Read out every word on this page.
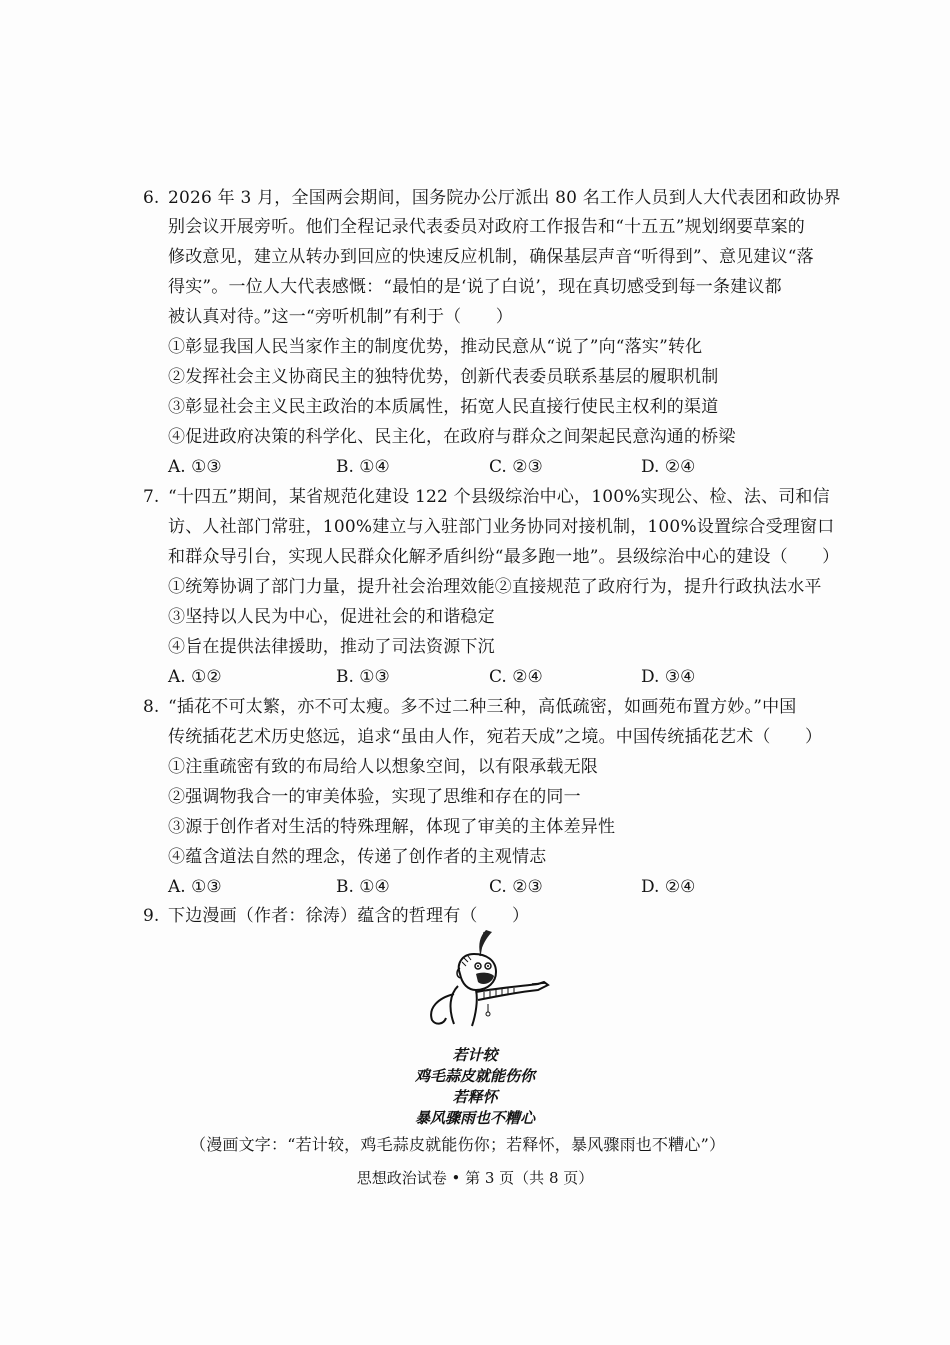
6. 2026 年 3 月，全国两会期间，国务院办公厅派出 80 名工作人员到人大代表团和政协界
别会议开展旁听。他们全程记录代表委员对政府工作报告和“十五五”规划纲要草案的
修改意见，建立从转办到回应的快速反应机制，确保基层声音“听得到”、意见建议“落
得实”。一位人大代表感慨：“最怕的是‘说了白说’，现在真切感受到每一条建议都
被认真对待。”这一“旁听机制”有利于（　　）
①彰显我国人民当家作主的制度优势，推动民意从“说了”向“落实”转化
②发挥社会主义协商民主的独特优势，创新代表委员联系基层的履职机制
③彰显社会主义民主政治的本质属性，拓宽人民直接行使民主权利的渠道
④促进政府决策的科学化、民主化，在政府与群众之间架起民意沟通的桥梁
A. ①③	B. ①④	C. ②③	D. ②④
7. “十四五”期间，某省规范化建设 122 个县级综治中心，100%实现公、检、法、司和信
访、人社部门常驻，100%建立与入驻部门业务协同对接机制，100%设置综合受理窗口
和群众导引台，实现人民群众化解矛盾纠纷“最多跑一地”。县级综治中心的建设（　　）
①统筹协调了部门力量，提升社会治理效能②直接规范了政府行为，提升行政执法水平
③坚持以人民为中心，促进社会的和谐稳定
④旨在提供法律援助，推动了司法资源下沉
A. ①②	B. ①③	C. ②④	D. ③④
8. “插花不可太繁，亦不可太瘦。多不过二种三种，高低疏密，如画苑布置方妙。”中国
传统插花艺术历史悠远，追求“虽由人作，宛若天成”之境。中国传统插花艺术（　　）
①注重疏密有致的布局给人以想象空间，以有限承载无限
②强调物我合一的审美体验，实现了思维和存在的同一
③源于创作者对生活的特殊理解，体现了审美的主体差异性
④蕴含道法自然的理念，传递了创作者的主观情志
A. ①③	B. ①④	C. ②③	D. ②④
9. 下边漫画（作者：徐涛）蕴含的哲理有（　　）
若计较
鸡毛蒜皮就能伤你
若释怀
暴风骤雨也不糟心
（漫画文字：“若计较，鸡毛蒜皮就能伤你；若释怀，暴风骤雨也不糟心”）
思想政治试卷 • 第 3 页（共 8 页）
